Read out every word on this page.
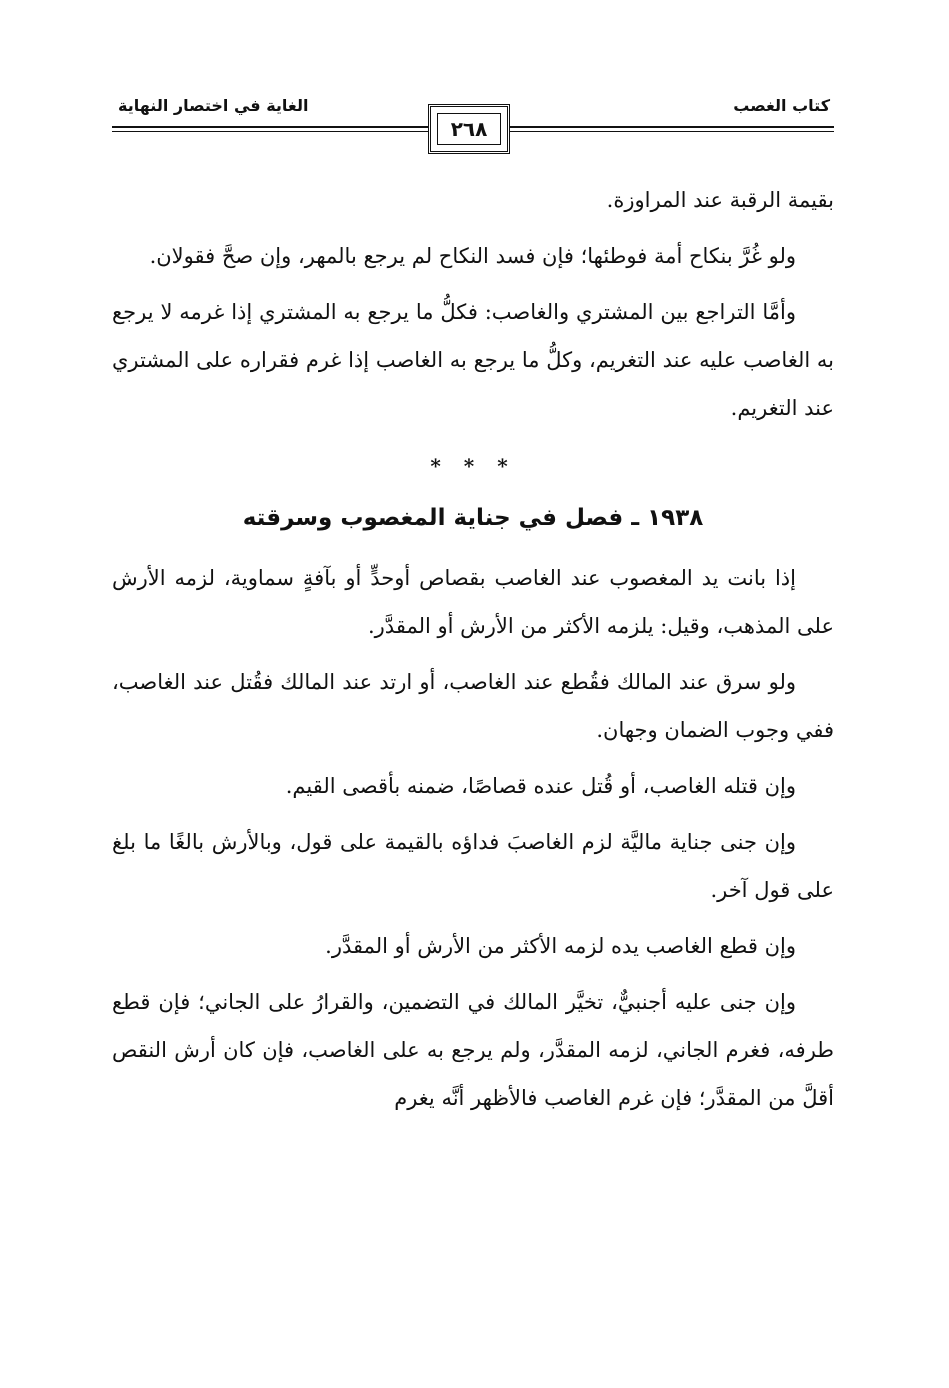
كتاب الغصب
الغاية في اختصار النهاية
٢٦٨

بقيمة الرقبة عند المراوزة.

ولو غُرَّ بنكاح أمة فوطئها؛ فإن فسد النكاح لم يرجع بالمهر، وإن صحَّ فقولان.

وأمَّا التراجع بين المشتري والغاصب: فكلُّ ما يرجع به المشتري إذا غرمه لا يرجع به الغاصب عليه عند التغريم، وكلُّ ما يرجع به الغاصب إذا غرم فقراره على المشتري عند التغريم.

* * *
١٩٣٨ ـ فصل في جناية المغصوب وسرقته

إذا بانت يد المغصوب عند الغاصب بقصاص أوحدٍّ أو بآفةٍ سماوية، لزمه الأرش على المذهب، وقيل: يلزمه الأكثر من الأرش أو المقدَّر.

ولو سرق عند المالك فقُطع عند الغاصب، أو ارتد عند المالك فقُتل عند الغاصب، ففي وجوب الضمان وجهان.

وإن قتله الغاصب، أو قُتل عنده قصاصًا، ضمنه بأقصى القيم.

وإن جنى جناية ماليَّة لزم الغاصبَ فداؤه بالقيمة على قول، وبالأرش بالغًا ما بلغ على قول آخر.

وإن قطع الغاصب يده لزمه الأكثر من الأرش أو المقدَّر.

وإن جنى عليه أجنبيٌّ، تخيَّر المالك في التضمين، والقرارُ على الجاني؛ فإن قطع طرفه، فغرم الجاني، لزمه المقدَّر، ولم يرجع به على الغاصب، فإن كان أرش النقص أقلَّ من المقدَّر؛ فإن غرم الغاصب فالأظهر أنَّه يغرم
